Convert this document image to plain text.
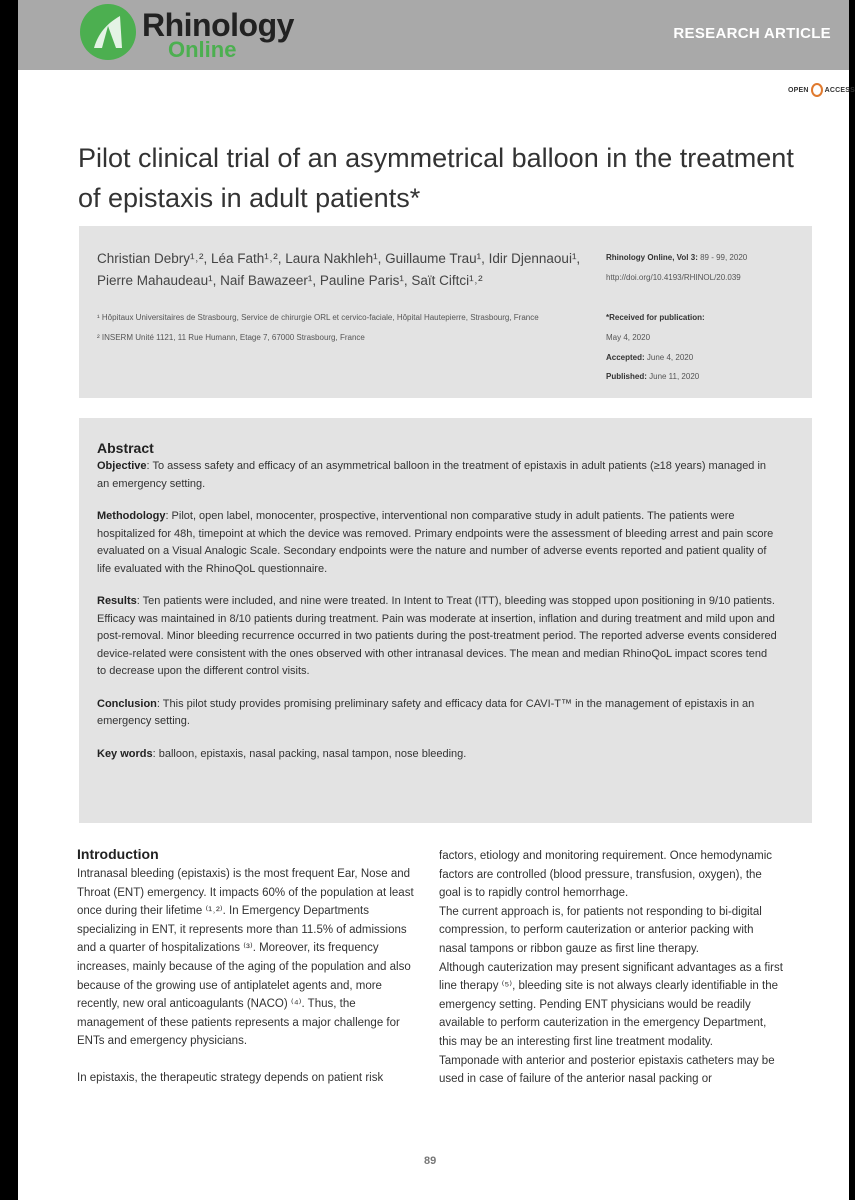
Rhinology
Online
RESEARCH ARTICLE
OPEN ACCESS
Pilot clinical trial of an asymmetrical balloon in the treatment of epistaxis in adult patients*
Christian Debry¹˒², Léa Fath¹˒², Laura Nakhleh¹, Guillaume Trau¹, Idir Djennaoui¹, Pierre Mahaudeau¹, Naif Bawazeer¹, Pauline Paris¹, Saït Ciftci¹˒²
¹ Hôpitaux Universitaires de Strasbourg, Service de chirurgie ORL et cervico-faciale, Hôpital Hautepierre, Strasbourg, France
² INSERM Unité 1121, 11 Rue Humann, Etage 7, 67000 Strasbourg, France
Rhinology Online, Vol 3: 89 - 99, 2020
http://doi.org/10.4193/RHINOL/20.039
*Received for publication:
May 4, 2020
Accepted: June 4, 2020
Published: June 11, 2020
Abstract

Objective: To assess safety and efficacy of an asymmetrical balloon in the treatment of epistaxis in adult patients (≥18 years) managed in an emergency setting.

Methodology: Pilot, open label, monocenter, prospective, interventional non comparative study in adult patients. The patients were hospitalized for 48h, timepoint at which the device was removed. Primary endpoints were the assessment of bleeding arrest and pain score evaluated on a Visual Analogic Scale. Secondary endpoints were the nature and number of adverse events reported and patient quality of life evaluated with the RhinoQoL questionnaire.

Results: Ten patients were included, and nine were treated. In Intent to Treat (ITT), bleeding was stopped upon positioning in 9/10 patients. Efficacy was maintained in 8/10 patients during treatment. Pain was moderate at insertion, inflation and during treatment and mild upon and post-removal. Minor bleeding recurrence occurred in two patients during the post-treatment period. The reported adverse events considered device-related were consistent with the ones observed with other intranasal devices. The mean and median RhinoQoL impact scores tend to decrease upon the different control visits.

Conclusion: This pilot study provides promising preliminary safety and efficacy data for CAVI-T™ in the management of epistaxis in an emergency setting.

Key words: balloon, epistaxis, nasal packing, nasal tampon, nose bleeding.

Introduction

Intranasal bleeding (epistaxis) is the most frequent Ear, Nose and Throat (ENT) emergency. It impacts 60% of the population at least once during their lifetime ⁽¹˒²⁾. In Emergency Departments specializing in ENT, it represents more than 11.5% of admissions and a quarter of hospitalizations ⁽³⁾. Moreover, its frequency increases, mainly because of the aging of the population and also because of the growing use of antiplatelet agents and, more recently, new oral anticoagulants (NACO) ⁽⁴⁾. Thus, the management of these patients represents a major challenge for ENTs and emergency physicians.

In epistaxis, the therapeutic strategy depends on patient risk

factors, etiology and monitoring requirement. Once hemodynamic factors are controlled (blood pressure, transfusion, oxygen), the goal is to rapidly control hemorrhage.

The current approach is, for patients not responding to bi-digital compression, to perform cauterization or anterior packing with nasal tampons or ribbon gauze as first line therapy.

Although cauterization may present significant advantages as a first line therapy ⁽⁵⁾, bleeding site is not always clearly identifiable in the emergency setting. Pending ENT physicians would be readily available to perform cauterization in the emergency Department, this may be an interesting first line treatment modality.

Tamponade with anterior and posterior epistaxis catheters may be used in case of failure of the anterior nasal packing or

89
